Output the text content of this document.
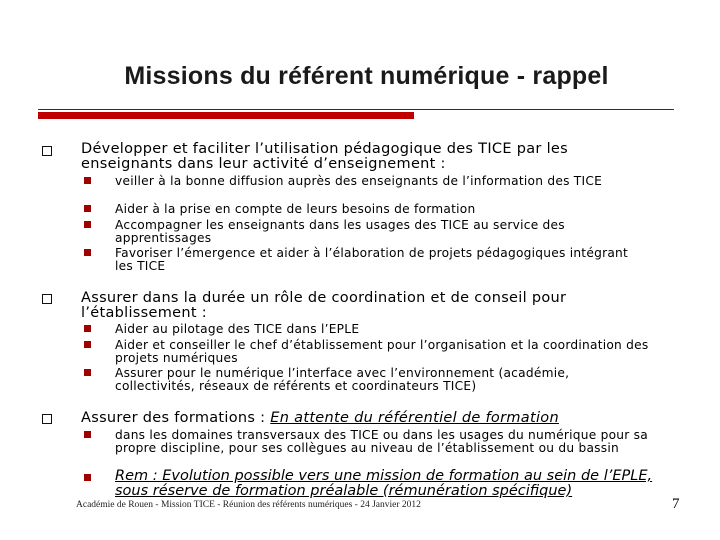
Missions du référent numérique - rappel
Développer et faciliter l’utilisation pédagogique des TICE par les enseignants dans leur activité d’enseignement :
veiller à la bonne diffusion auprès des enseignants de l’information des TICE
Aider à la prise en compte de leurs besoins de formation
Accompagner les enseignants dans les usages des TICE au service des apprentissages
Favoriser l’émergence et aider à l’élaboration de projets pédagogiques intégrant les TICE
Assurer dans la durée un rôle de coordination et de conseil pour l’établissement :
Aider au pilotage des TICE dans l’EPLE
Aider et conseiller le chef d’établissement pour l’organisation et la coordination des projets numériques
Assurer pour le numérique l’interface avec l’environnement (académie, collectivités, réseaux de référents et coordinateurs TICE)
Assurer des formations : En attente du référentiel de formation
dans les domaines transversaux des TICE ou dans les usages du numérique pour sa propre discipline, pour ses collègues au niveau de l’établissement ou du bassin
Rem : Evolution possible vers une mission de formation au sein de l’EPLE, sous réserve de formation préalable (rémunération spécifique)
Académie de Rouen - Mission TICE - Réunion des référents numériques - 24 Janvier 2012	7
